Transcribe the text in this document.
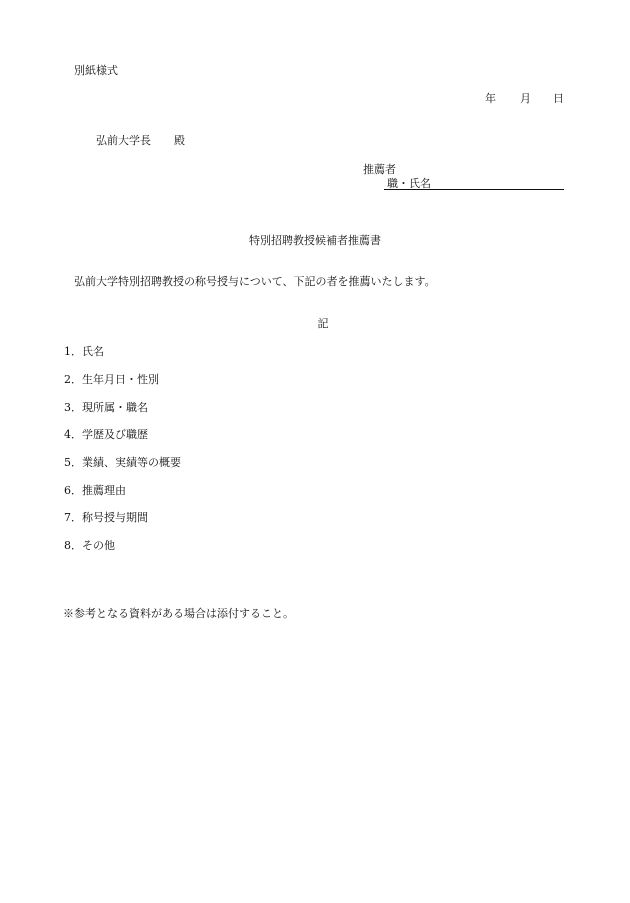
別紙様式
年 月 日
弘前大学長 殿
推薦者
職・氏名
特別招聘教授候補者推薦書
弘前大学特別招聘教授の称号授与について、下記の者を推薦いたします。
記
1．氏名
2．生年月日・性別
3．現所属・職名
4．学歴及び職歴
5．業績、実績等の概要
6．推薦理由
7．称号授与期間
8．その他
※参考となる資料がある場合は添付すること。
